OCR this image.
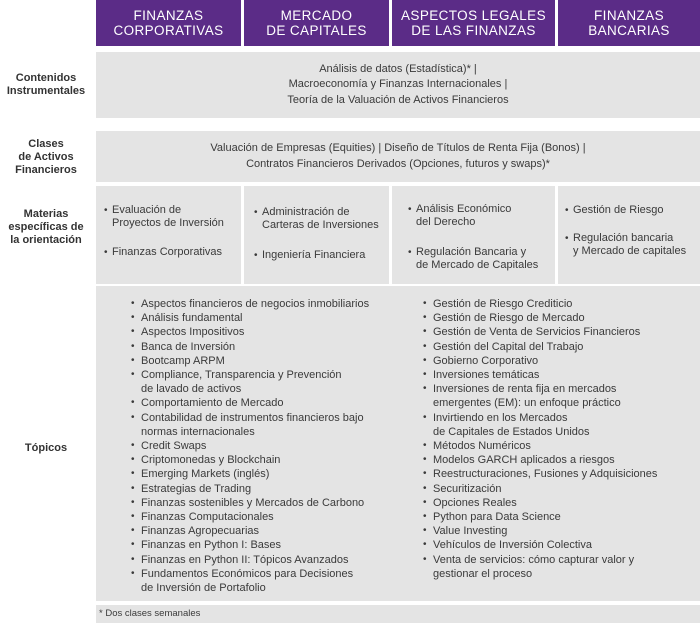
FINANZAS
CORPORATIVAS
MERCADO
DE CAPITALES
ASPECTOS LEGALES
DE LAS FINANZAS
FINANZAS
BANCARIAS
Contenidos
Instrumentales
Análisis de datos (Estadística)* |
Macroeconomía y Finanzas Internacionales |
Teoría de la Valuación de Activos Financieros
Clases
de Activos
Financieros
Valuación de Empresas (Equities) | Diseño de Títulos de Renta Fija (Bonos) |
Contratos Financieros Derivados (Opciones, futuros y swaps)*
Materias
específicas de
la orientación
• Evaluación de
Proyectos de Inversión
• Finanzas Corporativas
• Administración de
Carteras de Inversiones
• Ingeniería Financiera
• Análisis Económico
del Derecho
• Regulación Bancaria y
de Mercado de Capitales
• Gestión de Riesgo
• Regulación bancaria
y Mercado de capitales
Tópicos
• Aspectos financieros de negocios inmobiliarios
• Análisis fundamental
• Aspectos Impositivos
• Banca de Inversión
• Bootcamp ARPM
• Compliance, Transparencia y Prevención
de lavado de activos
• Comportamiento de Mercado
• Contabilidad de instrumentos financieros bajo
normas internacionales
• Credit Swaps
• Criptomonedas y Blockchain
• Emerging Markets (inglés)
• Estrategias de Trading
• Finanzas sostenibles y Mercados de Carbono
• Finanzas Computacionales
• Finanzas Agropecuarias
• Finanzas en Python I: Bases
• Finanzas en Python II: Tópicos Avanzados
• Fundamentos Económicos para Decisiones
de Inversión de Portafolio
• Gestión de Riesgo Crediticio
• Gestión de Riesgo de Mercado
• Gestión de Venta de Servicios Financieros
• Gestión del Capital del Trabajo
• Gobierno Corporativo
• Inversiones temáticas
• Inversiones de renta fija en mercados
emergentes (EM): un enfoque práctico
• Invirtiendo en los Mercados
de Capitales de Estados Unidos
• Métodos Numéricos
• Modelos GARCH aplicados a riesgos
• Reestructuraciones, Fusiones y Adquisiciones
• Securitización
• Opciones Reales
• Python para Data Science
• Value Investing
• Vehículos de Inversión Colectiva
• Venta de servicios: cómo capturar valor y
gestionar el proceso
* Dos clases semanales
